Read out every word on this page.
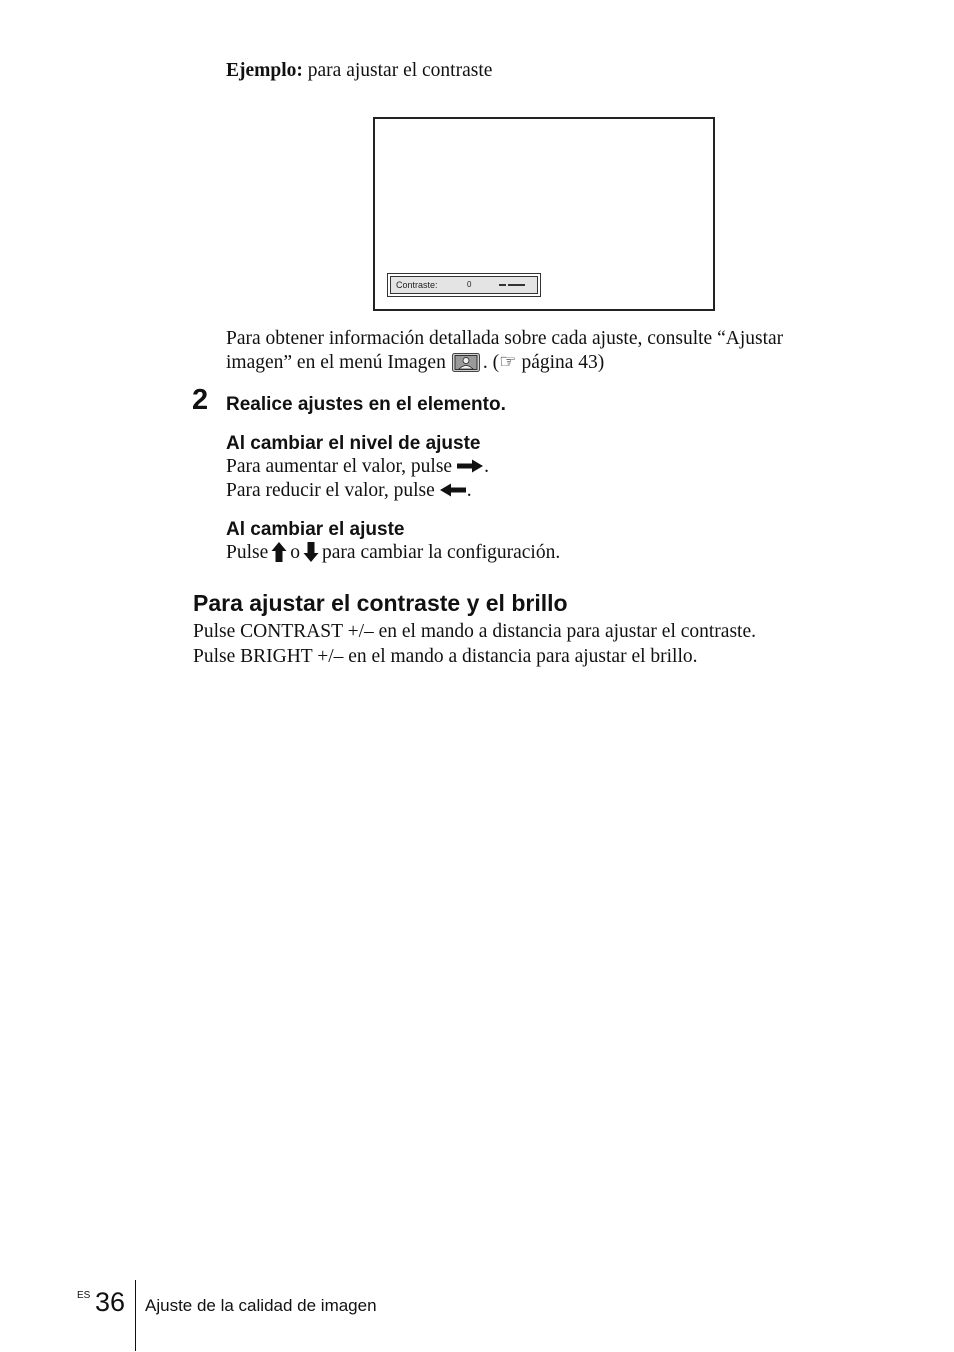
Ejemplo: para ajustar el contraste
Contraste:	0
Para obtener información detallada sobre cada ajuste, consulte “Ajustar
imagen” en el menú Imagen . (☞ página 43)
2 Realice ajustes en el elemento.
Al cambiar el nivel de ajuste
Para aumentar el valor, pulse .
Para reducir el valor, pulse .
Al cambiar el ajuste
Pulse o para cambiar la configuración.
Para ajustar el contraste y el brillo
Pulse CONTRAST +/– en el mando a distancia para ajustar el contraste.
Pulse BRIGHT +/– en el mando a distancia para ajustar el brillo.
ES 36 Ajuste de la calidad de imagen
